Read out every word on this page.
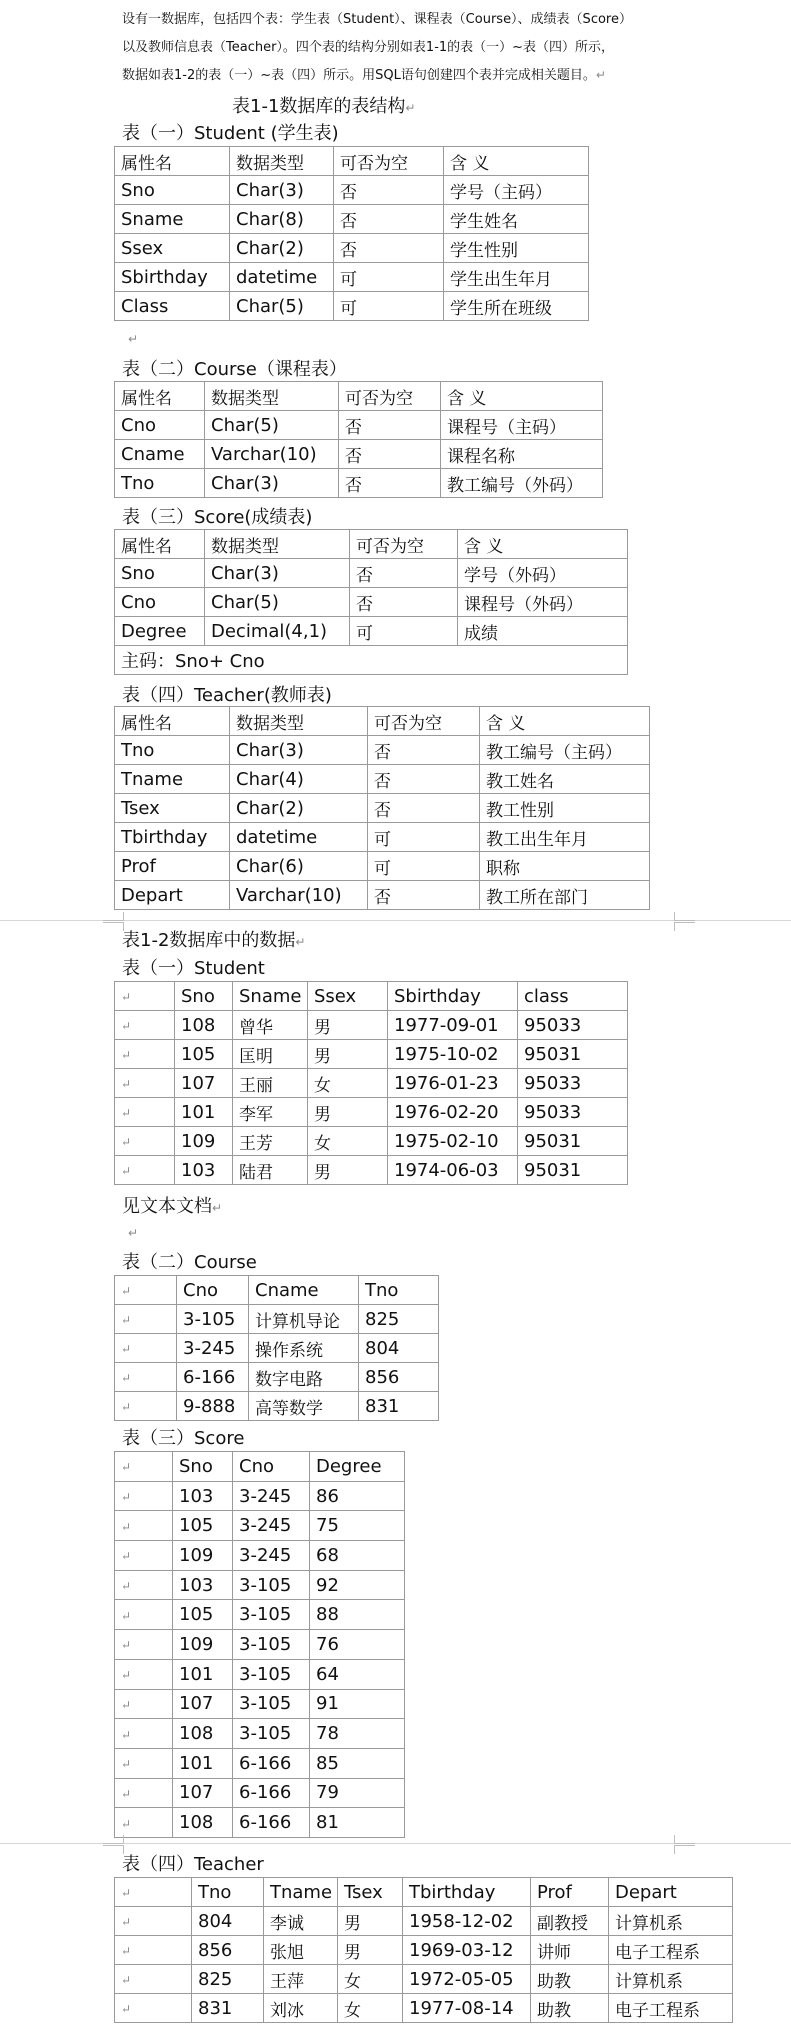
设有一数据库，包括四个表：学生表（Student）、课程表（Course）、成绩表（Score）
以及教师信息表（Teacher）。四个表的结构分别如表1-1的表（一）~表（四）所示，
数据如表1-2的表（一）~表（四）所示。用SQL语句创建四个表并完成相关题目。↵
表1-1数据库的表结构↵
表（一）Student (学生表)
属性名	数据类型	可否为空	含 义
Sno	Char(3)	否	学号（主码）
Sname	Char(8)	否	学生姓名
Ssex	Char(2)	否	学生性别
Sbirthday	datetime	可	学生出生年月
Class	Char(5)	可	学生所在班级
↵
表（二）Course（课程表）
属性名	数据类型	可否为空	含 义
Cno	Char(5)	否	课程号（主码）
Cname	Varchar(10)	否	课程名称
Tno	Char(3)	否	教工编号（外码）
表（三）Score(成绩表)
属性名	数据类型	可否为空	含 义
Sno	Char(3)	否	学号（外码）
Cno	Char(5)	否	课程号（外码）
Degree	Decimal(4,1)	可	成绩
主码：Sno+ Cno			
表（四）Teacher(教师表)
属性名	数据类型	可否为空	含 义
Tno	Char(3)	否	教工编号（主码）
Tname	Char(4)	否	教工姓名
Tsex	Char(2)	否	教工性别
Tbirthday	datetime	可	教工出生年月
Prof	Char(6)	可	职称
Depart	Varchar(10)	否	教工所在部门
表1-2数据库中的数据↵
表（一）Student
↵	Sno	Sname	Ssex	Sbirthday	class
↵	108	曾华	男	1977-09-01	95033
↵	105	匡明	男	1975-10-02	95031
↵	107	王丽	女	1976-01-23	95033
↵	101	李军	男	1976-02-20	95033
↵	109	王芳	女	1975-02-10	95031
↵	103	陆君	男	1974-06-03	95031
见文本文档↵
↵
表（二）Course
↵	Cno	Cname	Tno
↵	3-105	计算机导论	825
↵	3-245	操作系统	804
↵	6-166	数字电路	856
↵	9-888	高等数学	831
表（三）Score
↵	Sno	Cno	Degree
↵	103	3-245	86
↵	105	3-245	75
↵	109	3-245	68
↵	103	3-105	92
↵	105	3-105	88
↵	109	3-105	76
↵	101	3-105	64
↵	107	3-105	91
↵	108	3-105	78
↵	101	6-166	85
↵	107	6-166	79
↵	108	6-166	81
表（四）Teacher
↵	Tno	Tname	Tsex	Tbirthday	Prof	Depart
↵	804	李诚	男	1958-12-02	副教授	计算机系
↵	856	张旭	男	1969-03-12	讲师	电子工程系
↵	825	王萍	女	1972-05-05	助教	计算机系
↵	831	刘冰	女	1977-08-14	助教	电子工程系
